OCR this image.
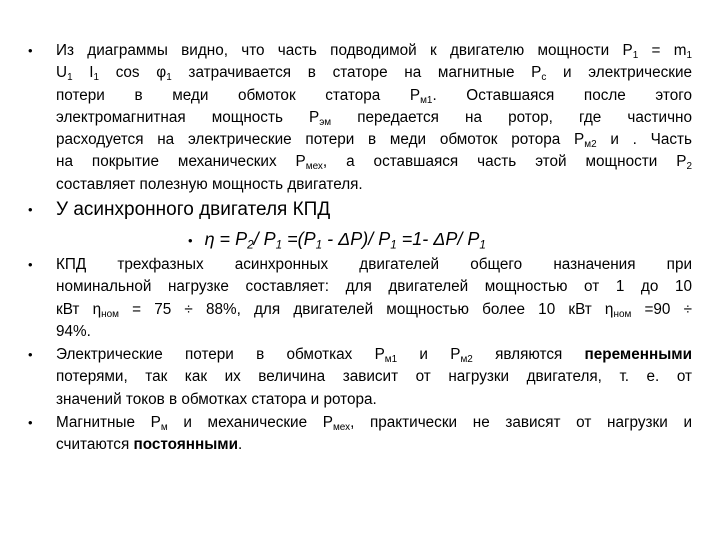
• Из диаграммы видно, что часть подводимой к двигателю мощности $P_1 = m_1$
$U_1$ $I_1$ $\cos \varphi_1$ затрачивается в статоре на магнитные $P_c$ и электрические
потери в меди обмоток статора $P_{м1}$. Оставшаяся после этого
электромагнитная мощность $P_{эм}$ передается на ротор, где частично
расходуется на электрические потери в меди обмоток ротора $P_{м2}$ и . Часть
на покрытие механических $P_{мех}$, а оставшаяся часть этой мощности $P_2$
составляет полезную мощность двигателя.
• У асинхронного двигателя КПД
• $\eta = P_2/$ $P_1 =(P_1 - \Delta P)/$ $P_1 =1-$ ΔP/ $P_1$
• КПД трехфазных асинхронных двигателей общего назначения при
номинальной нагрузке составляет: для двигателей мощностью от 1 до 10
кВт $\eta_{ном} = 75 \div 88\%$, для двигателей мощностью более 10 кВт $\eta_{ном} =90$ ÷
94%.
• Электрические потери в обмотках $P_{м1}$ и $P_{м2}$ являются переменными
потерями, так как их величина зависит от нагрузки двигателя, т. е. от
значений токов в обмотках статора и ротора.
• Магнитные $P_м$ и механические $P_{мех}$, практически не зависят от нагрузки и
считаются постоянными.
